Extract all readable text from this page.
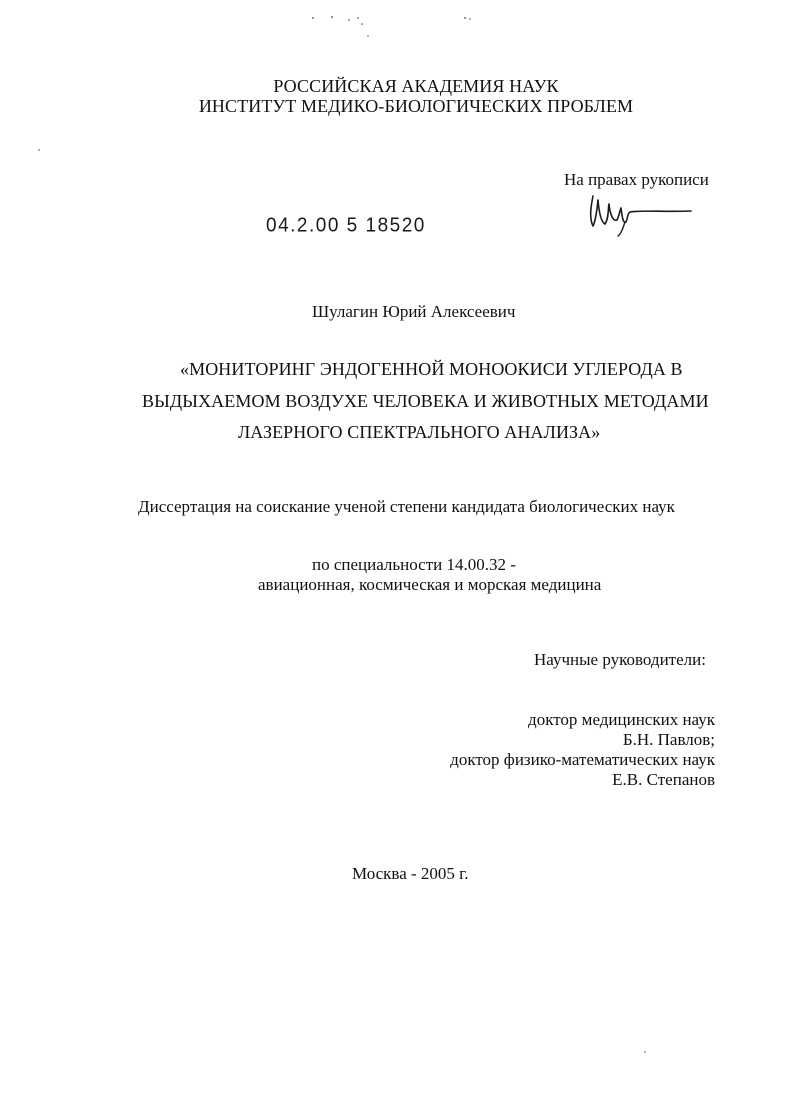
РОССИЙСКАЯ АКАДЕМИЯ НАУК
ИНСТИТУТ МЕДИКО-БИОЛОГИЧЕСКИХ ПРОБЛЕМ
На правах рукописи
04.2.00 5 18520
Шулагин Юрий Алексеевич
«МОНИТОРИНГ ЭНДОГЕННОЙ МОНООКИСИ УГЛЕРОДА В
ВЫДЫХАЕМОМ ВОЗДУХЕ ЧЕЛОВЕКА И ЖИВОТНЫХ МЕТОДАМИ
ЛАЗЕРНОГО СПЕКТРАЛЬНОГО АНАЛИЗА»
Диссертация на соискание ученой степени кандидата биологических наук
по специальности 14.00.32 -
авиационная, космическая и морская медицина
Научные руководители:
доктор медицинских наук
Б.Н. Павлов;
доктор физико-математических наук
Е.В. Степанов
Москва - 2005 г.
